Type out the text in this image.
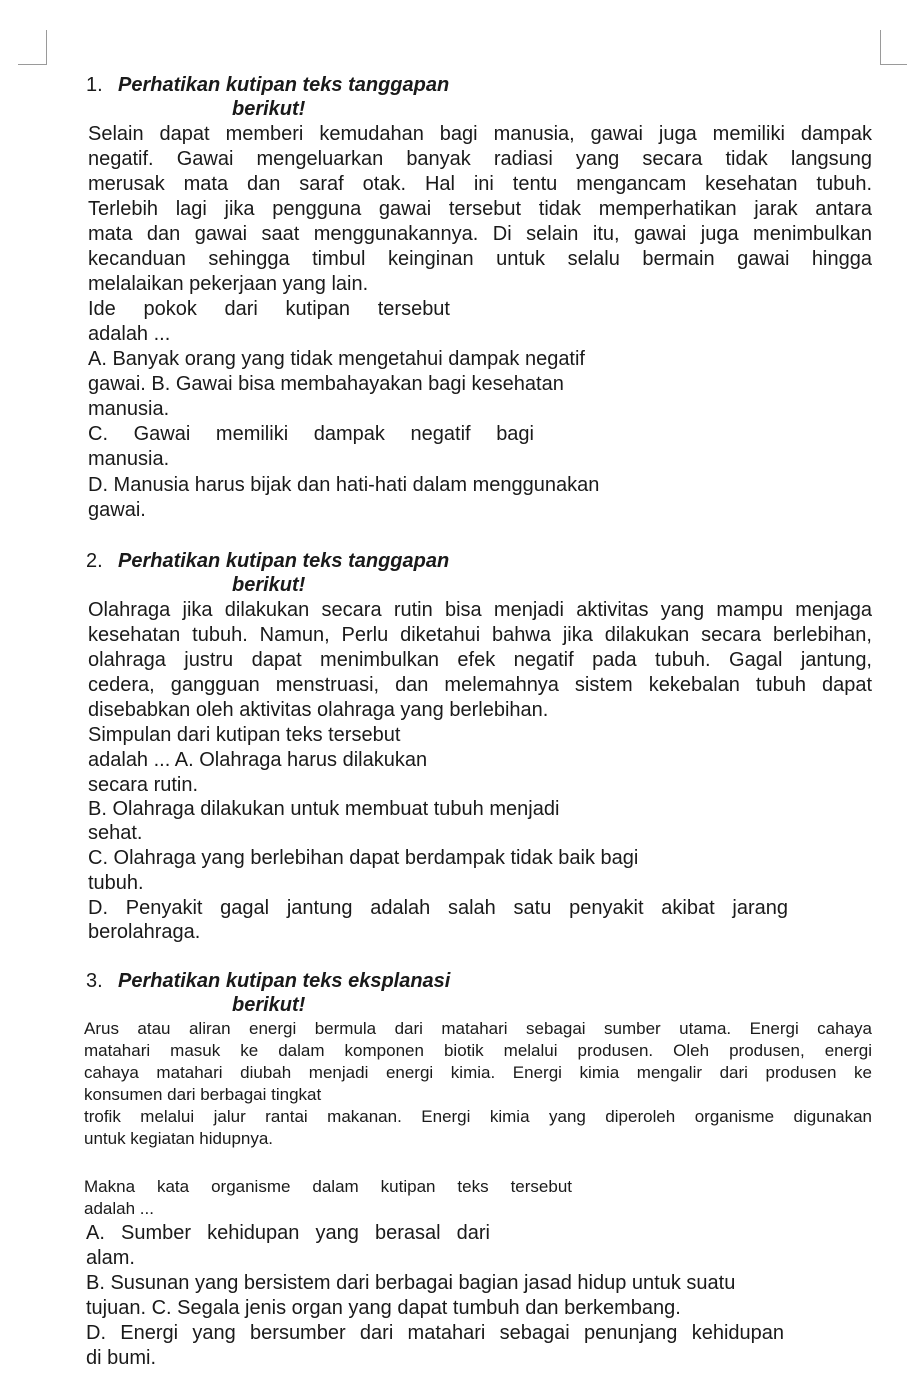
1. Perhatikan kutipan teks tanggapan
berikut!
Selain dapat memberi kemudahan bagi manusia, gawai juga memiliki dampak
negatif. Gawai mengeluarkan banyak radiasi yang secara tidak langsung
merusak mata dan saraf otak. Hal ini tentu mengancam kesehatan tubuh.
Terlebih lagi jika pengguna gawai tersebut tidak memperhatikan jarak antara
mata dan gawai saat menggunakannya. Di selain itu, gawai juga menimbulkan
kecanduan sehingga timbul keinginan untuk selalu bermain gawai hingga
melalaikan pekerjaan yang lain.
Ide pokok dari kutipan tersebut
adalah ...
A. Banyak orang yang tidak mengetahui dampak negatif
gawai. B. Gawai bisa membahayakan bagi kesehatan
manusia.
C. Gawai memiliki dampak negatif bagi
manusia.
D. Manusia harus bijak dan hati-hati dalam menggunakan
gawai.
2. Perhatikan kutipan teks tanggapan
berikut!
Olahraga jika dilakukan secara rutin bisa menjadi aktivitas yang mampu menjaga
kesehatan tubuh. Namun, Perlu diketahui bahwa jika dilakukan secara berlebihan,
olahraga justru dapat menimbulkan efek negatif pada tubuh. Gagal jantung,
cedera, gangguan menstruasi, dan melemahnya sistem kekebalan tubuh dapat
disebabkan oleh aktivitas olahraga yang berlebihan.
Simpulan dari kutipan teks tersebut
adalah ... A. Olahraga harus dilakukan
secara rutin.
B. Olahraga dilakukan untuk membuat tubuh menjadi
sehat.
C. Olahraga yang berlebihan dapat berdampak tidak baik bagi
tubuh.
D. Penyakit gagal jantung adalah salah satu penyakit akibat jarang
berolahraga.
3. Perhatikan kutipan teks eksplanasi
berikut!
Arus atau aliran energi bermula dari matahari sebagai sumber utama. Energi cahaya
matahari masuk ke dalam komponen biotik melalui produsen. Oleh produsen, energi
cahaya matahari diubah menjadi energi kimia. Energi kimia mengalir dari produsen ke
konsumen dari berbagai tingkat
trofik melalui jalur rantai makanan. Energi kimia yang diperoleh organisme digunakan
untuk kegiatan hidupnya.
Makna kata organisme dalam kutipan teks tersebut
adalah ...
A. Sumber kehidupan yang berasal dari
alam.
B. Susunan yang bersistem dari berbagai bagian jasad hidup untuk suatu
tujuan. C. Segala jenis organ yang dapat tumbuh dan berkembang.
D. Energi yang bersumber dari matahari sebagai penunjang kehidupan
di bumi.
